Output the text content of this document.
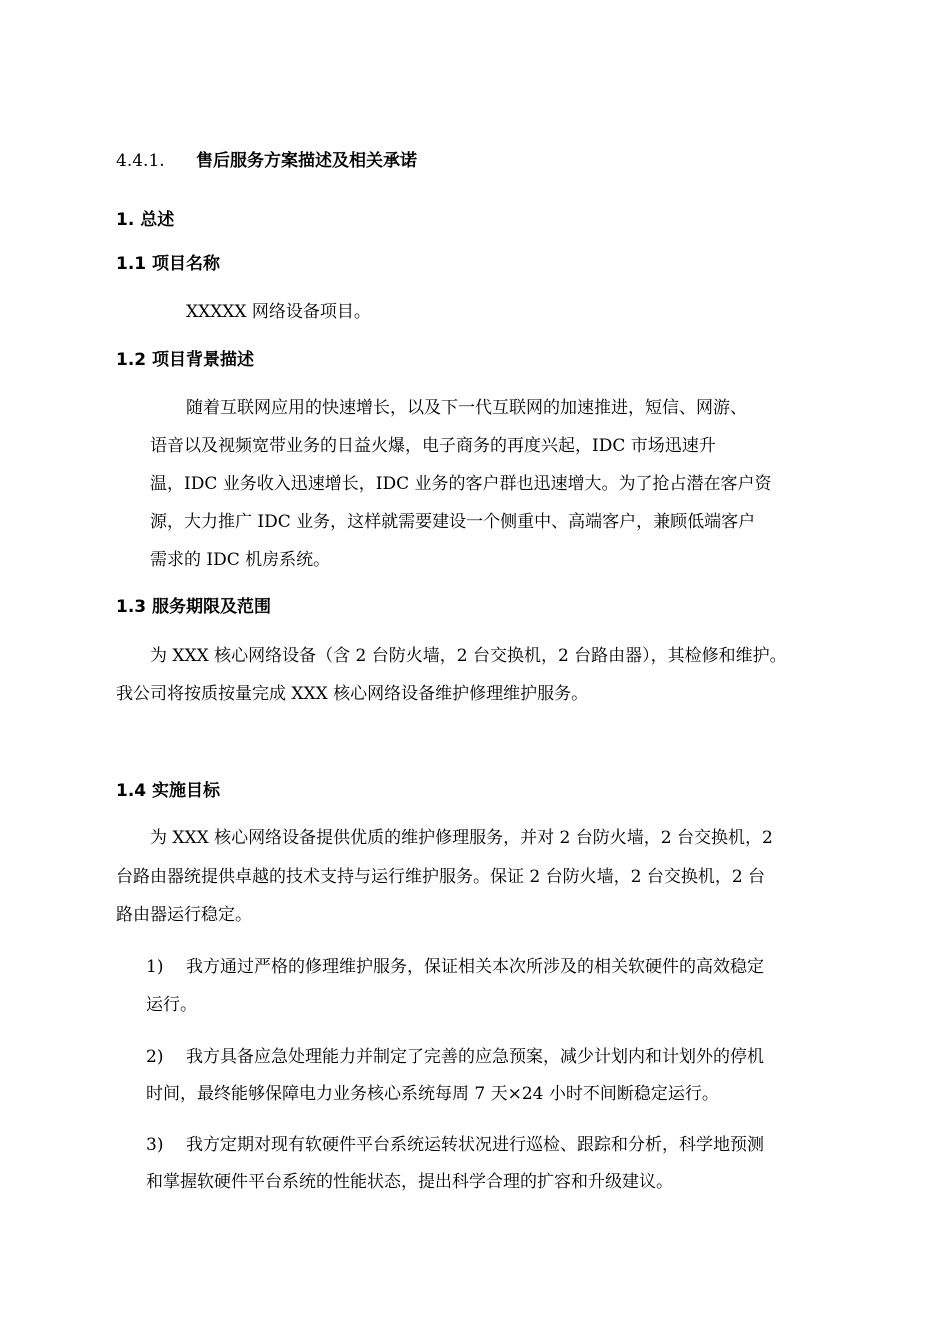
4.4.1. 售后服务方案描述及相关承诺
1. 总述
1.1 项目名称
XXXXX 网络设备项目。
1.2 项目背景描述
随着互联网应用的快速增长，以及下一代互联网的加速推进，短信、网游、
语音以及视频宽带业务的日益火爆，电子商务的再度兴起，IDC 市场迅速升
温，IDC 业务收入迅速增长，IDC 业务的客户群也迅速增大。为了抢占潜在客户资
源，大力推广 IDC 业务，这样就需要建设一个侧重中、高端客户，兼顾低端客户
需求的 IDC 机房系统。
1.3 服务期限及范围
为 XXX 核心网络设备（含 2 台防火墙，2 台交换机，2 台路由器），其检修和维护。
我公司将按质按量完成 XXX 核心网络设备维护修理维护服务。
1.4 实施目标
为 XXX 核心网络设备提供优质的维护修理服务，并对 2 台防火墙，2 台交换机，2
台路由器统提供卓越的技术支持与运行维护服务。保证 2 台防火墙，2 台交换机，2 台
路由器运行稳定。
1) 我方通过严格的修理维护服务，保证相关本次所涉及的相关软硬件的高效稳定
运行。
2) 我方具备应急处理能力并制定了完善的应急预案，减少计划内和计划外的停机
时间，最终能够保障电力业务核心系统每周 7 天×24 小时不间断稳定运行。
3) 我方定期对现有软硬件平台系统运转状况进行巡检、跟踪和分析，科学地预测
和掌握软硬件平台系统的性能状态，提出科学合理的扩容和升级建议。
